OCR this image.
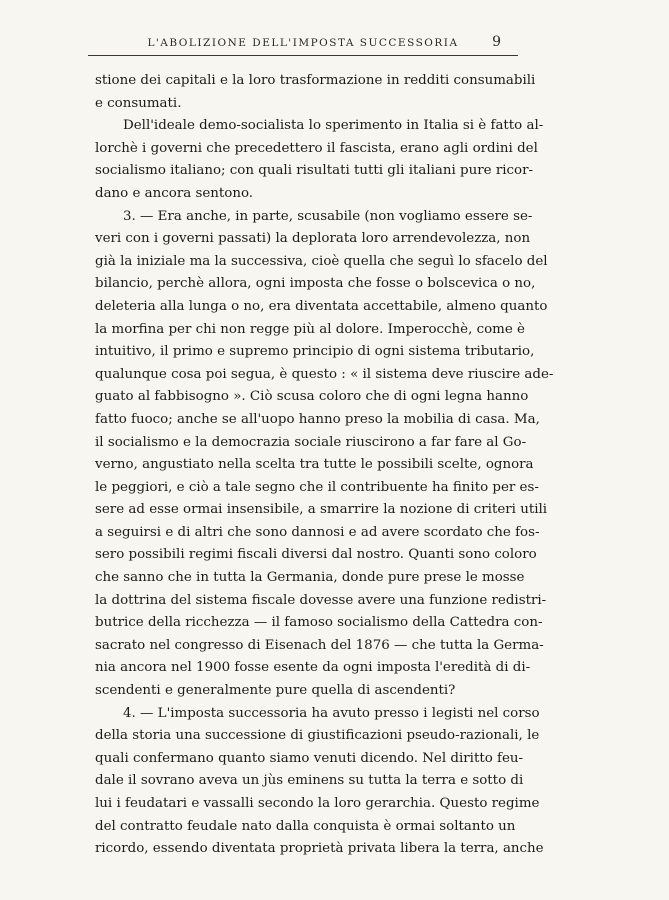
L'ABOLIZIONE DELL'IMPOSTA SUCCESSORIA	9
stione dei capitali e la loro trasformazione in redditi consumabili
e consumati.
Dell'ideale demo-socialista lo sperimento in Italia si è fatto al-
lorchè i governi che precedettero il fascista, erano agli ordini del
socialismo italiano; con quali risultati tutti gli italiani pure ricor-
dano e ancora sentono.
3. — Era anche, in parte, scusabile (non vogliamo essere se-
veri con i governi passati) la deplorata loro arrendevolezza, non
già la iniziale ma la successiva, cioè quella che seguì lo sfacelo del
bilancio, perchè allora, ogni imposta che fosse o bolscevica o no,
deleteria alla lunga o no, era diventata accettabile, almeno quanto
la morfina per chi non regge più al dolore. Imperocchè, come è
intuitivo, il primo e supremo principio di ogni sistema tributario,
qualunque cosa poi segua, è questo : « il sistema deve riuscire ade-
guato al fabbisogno ». Ciò scusa coloro che di ogni legna hanno
fatto fuoco; anche se all'uopo hanno preso la mobilia di casa. Ma,
il socialismo e la democrazia sociale riuscirono a far fare al Go-
verno, angustiato nella scelta tra tutte le possibili scelte, ognora
le peggiori, e ciò a tale segno che il contribuente ha finito per es-
sere ad esse ormai insensibile, a smarrire la nozione di criteri utili
a seguirsi e di altri che sono dannosi e ad avere scordato che fos-
sero possibili regimi fiscali diversi dal nostro. Quanti sono coloro
che sanno che in tutta la Germania, donde pure prese le mosse
la dottrina del sistema fiscale dovesse avere una funzione redistri-
butrice della ricchezza — il famoso socialismo della Cattedra con-
sacrato nel congresso di Eisenach del 1876 — che tutta la Germa-
nia ancora nel 1900 fosse esente da ogni imposta l'eredità di di-
scendenti e generalmente pure quella di ascendenti?
4. — L'imposta successoria ha avuto presso i legisti nel corso
della storia una successione di giustificazioni pseudo-razionali, le
quali confermano quanto siamo venuti dicendo. Nel diritto feu-
dale il sovrano aveva un jùs eminens su tutta la terra e sotto di
lui i feudatari e vassalli secondo la loro gerarchia. Questo regime
del contratto feudale nato dalla conquista è ormai soltanto un
ricordo, essendo diventata proprietà privata libera la terra, anche
